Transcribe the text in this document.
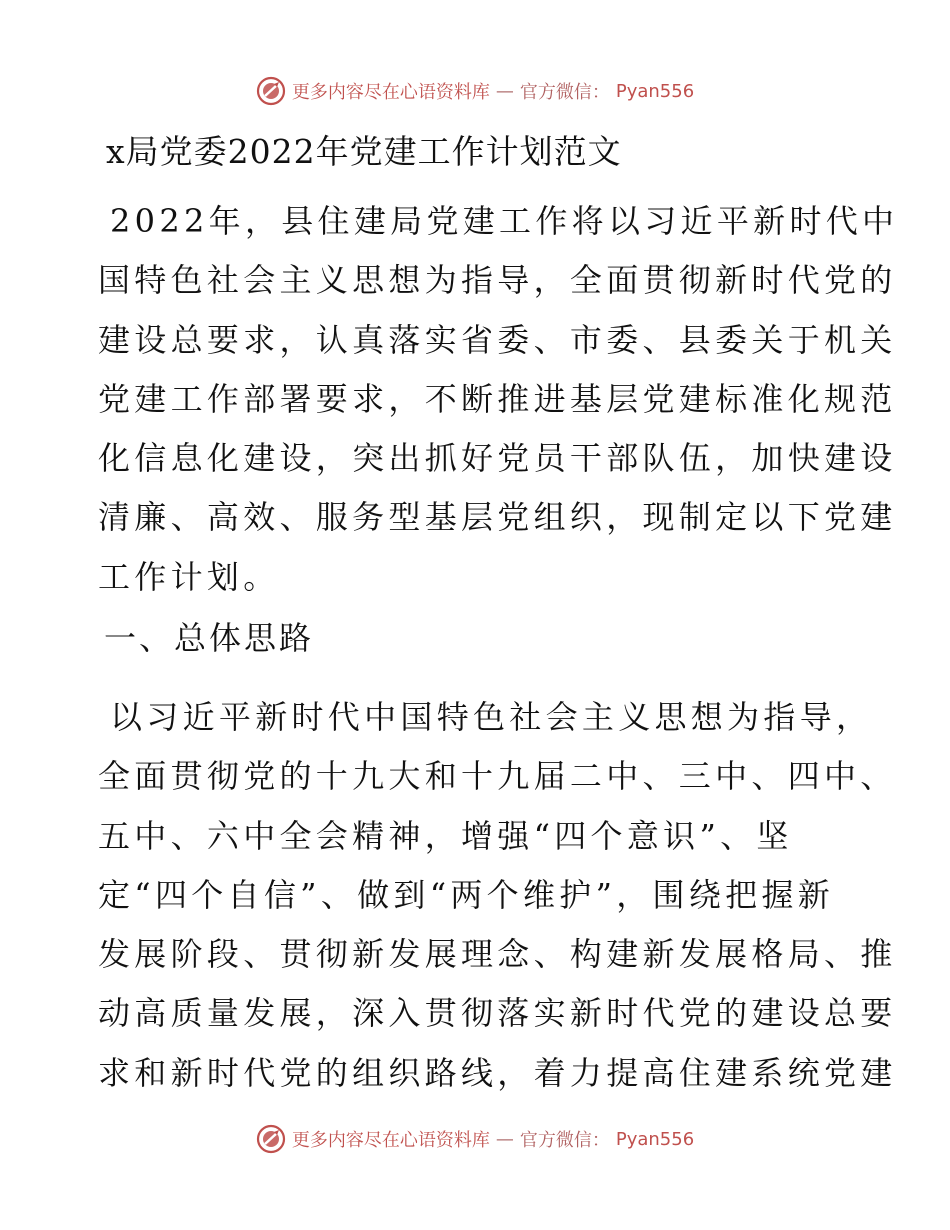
更多内容尽在心语资料库 — 官方微信： Pyan556
x局党委2022年党建工作计划范文
2022年，县住建局党建工作将以习近平新时代中
国特色社会主义思想为指导，全面贯彻新时代党的
建设总要求，认真落实省委、市委、县委关于机关
党建工作部署要求，不断推进基层党建标准化规范
化信息化建设，突出抓好党员干部队伍，加快建设
清廉、高效、服务型基层党组织，现制定以下党建
工作计划。
一、总体思路
以习近平新时代中国特色社会主义思想为指导，
全面贯彻党的十九大和十九届二中、三中、四中、
五中、六中全会精神，增强“四个意识”、坚
定“四个自信”、做到“两个维护”，围绕把握新
发展阶段、贯彻新发展理念、构建新发展格局、推
动高质量发展，深入贯彻落实新时代党的建设总要
求和新时代党的组织路线，着力提高住建系统党建
更多内容尽在心语资料库 — 官方微信： Pyan556
